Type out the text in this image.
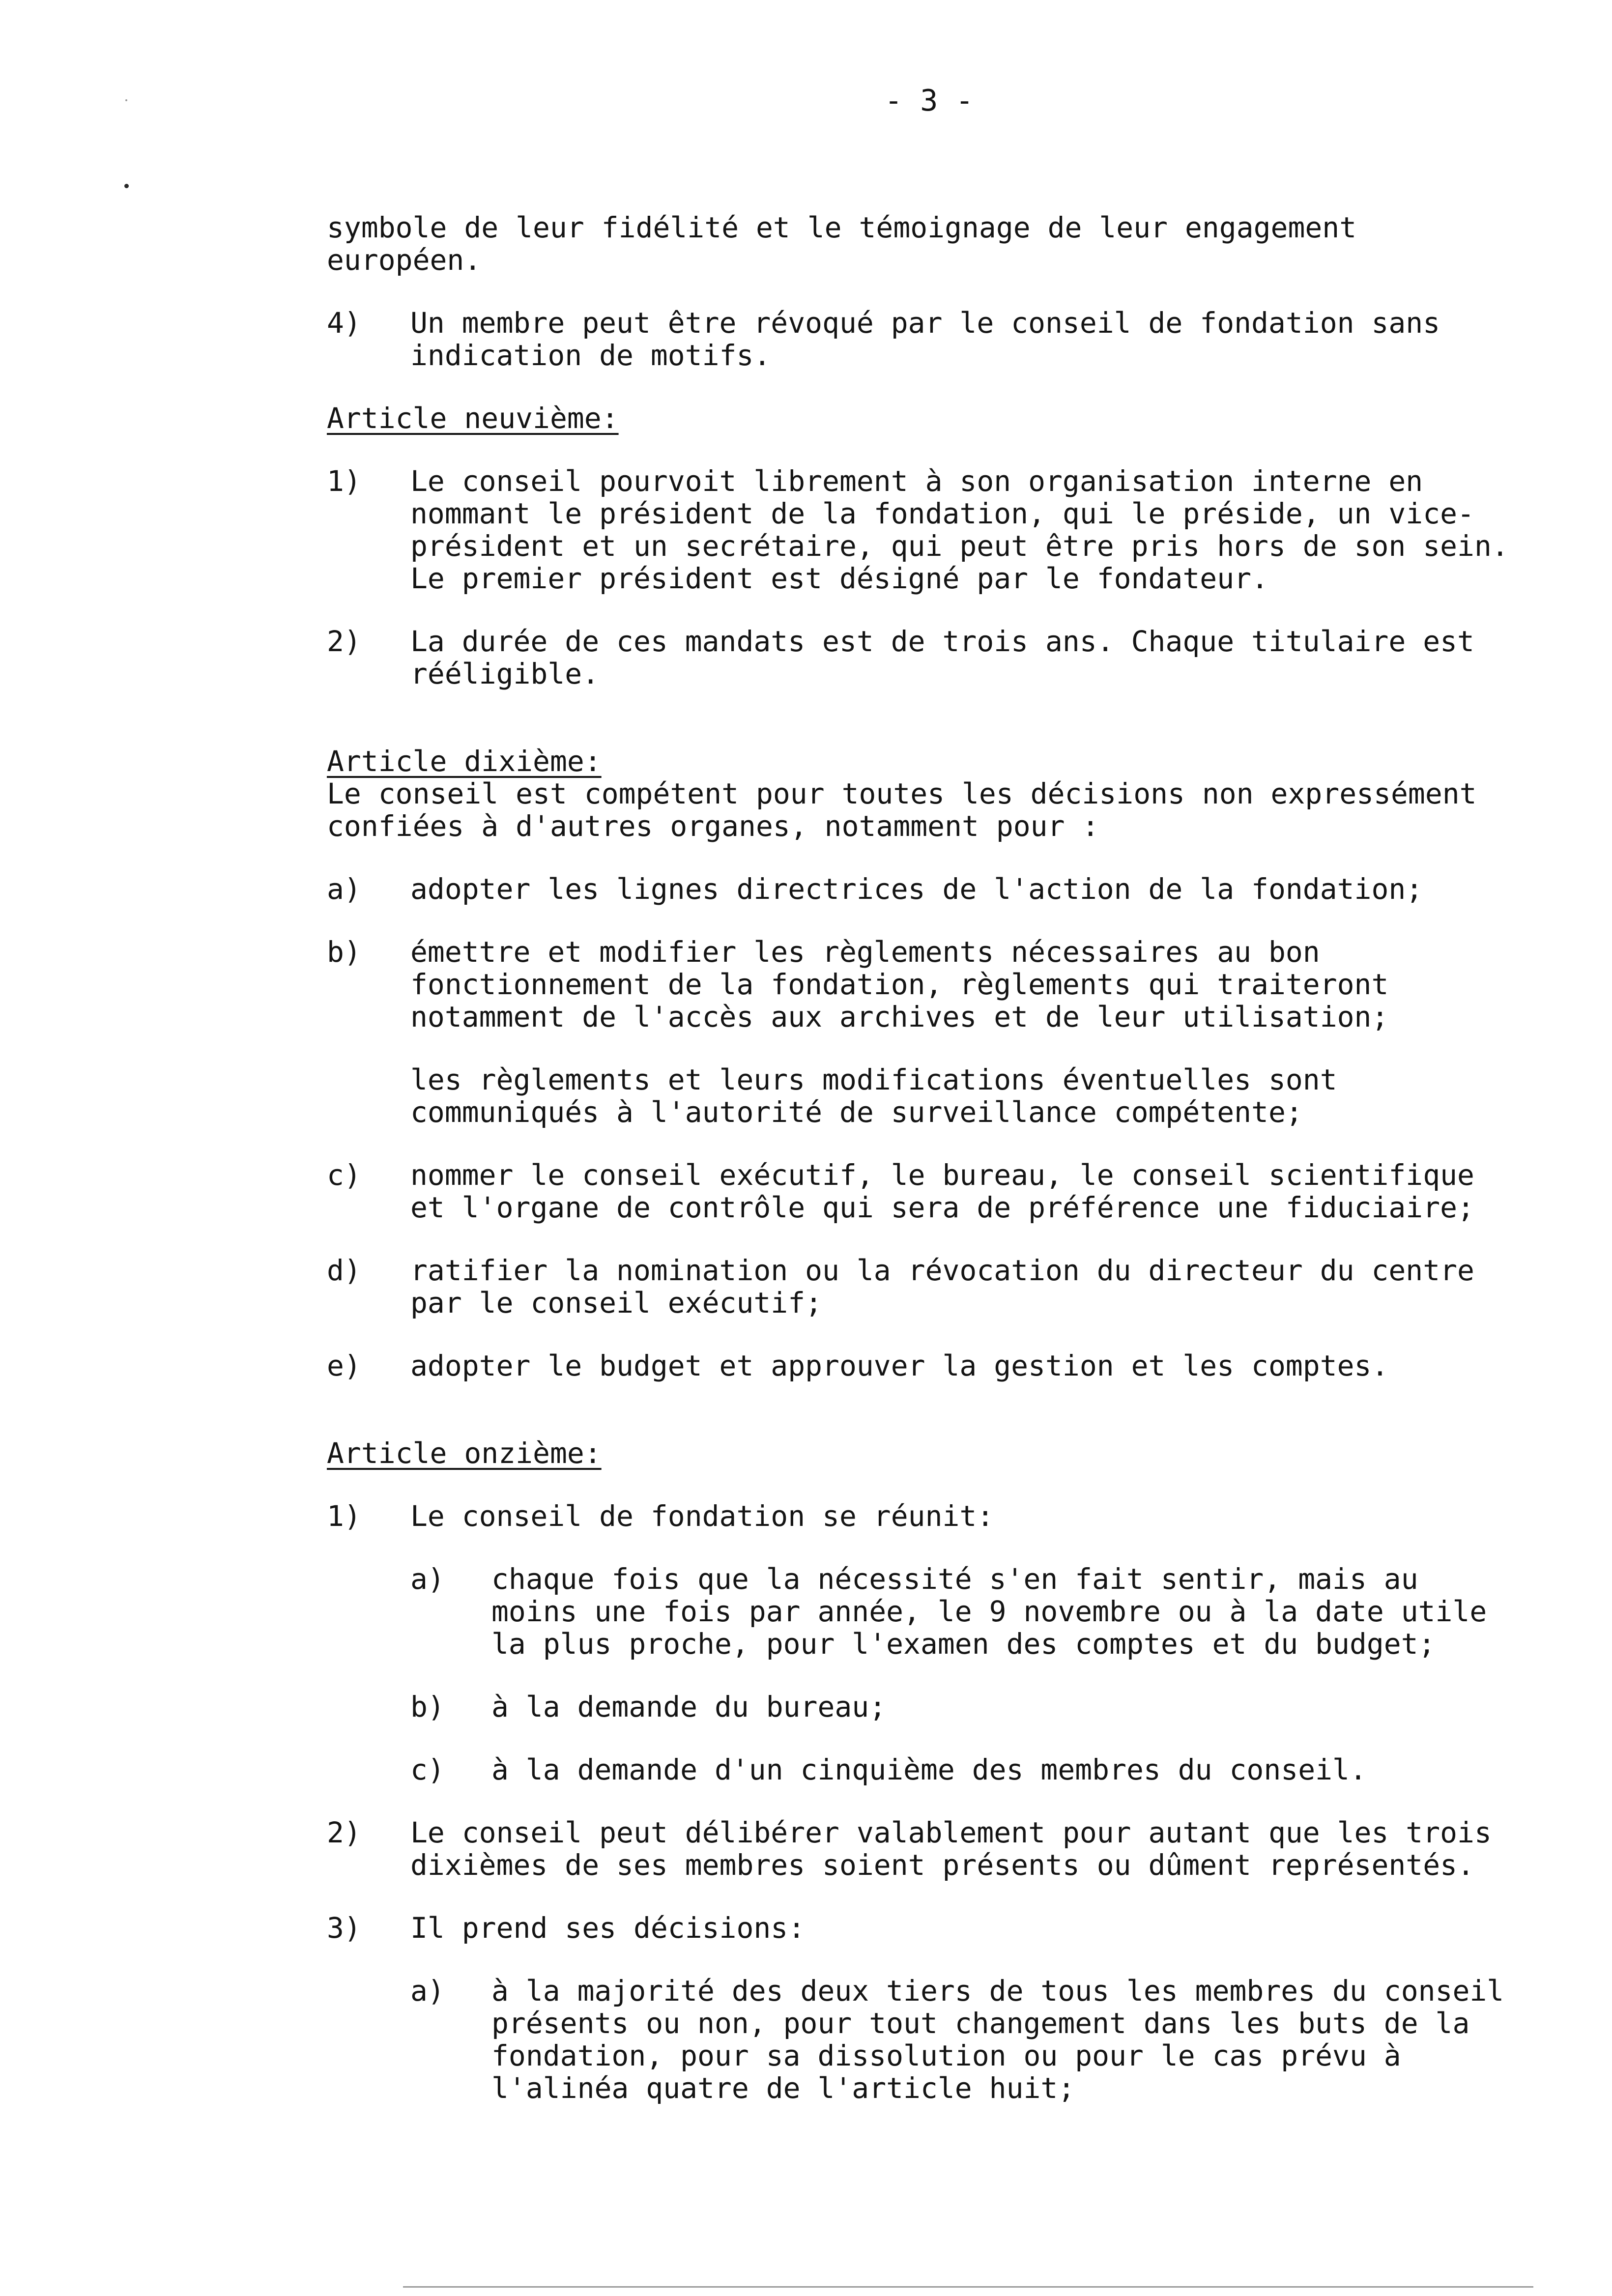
- 3 -

symbole de leur fidélité et le témoignage de leur engagement européen.

4)	Un membre peut être révoqué par le conseil de fondation sans indication de motifs.
Article neuvième:
1)	Le conseil pourvoit librement à son organisation interne en nommant le président de la fondation, qui le préside, un vice-président et un secrétaire, qui peut être pris hors de son sein. Le premier président est désigné par le fondateur.
2)	La durée de ces mandats est de trois ans. Chaque titulaire est rééligible.
Article dixième:

Le conseil est compétent pour toutes les décisions non expressément confiées à d'autres organes, notamment pour :

a)	adopter les lignes directrices de l'action de la fondation;
b)	émettre et modifier les règlements nécessaires au bon fonctionnement de la fondation, règlements qui traiteront notamment de l'accès aux archives et de leur utilisation;
les règlements et leurs modifications éventuelles sont communiqués à l'autorité de surveillance compétente;
c)	nommer le conseil exécutif, le bureau, le conseil scientifique et l'organe de contrôle qui sera de préférence une fiduciaire;
d)	ratifier la nomination ou la révocation du directeur du centre par le conseil exécutif;
e)	adopter le budget et approuver la gestion et les comptes.
Article onzième:
1)	Le conseil de fondation se réunit:
a)	chaque fois que la nécessité s'en fait sentir, mais au moins une fois par année, le 9 novembre ou à la date utile la plus proche, pour l'examen des comptes et du budget;
b)	à la demande du bureau;
c)	à la demande d'un cinquième des membres du conseil.
2)	Le conseil peut délibérer valablement pour autant que les trois dixièmes de ses membres soient présents ou dûment représentés.
3)	Il prend ses décisions:
a)	à la majorité des deux tiers de tous les membres du conseil présents ou non, pour tout changement dans les buts de la fondation, pour sa dissolution ou pour le cas prévu à l'alinéa quatre de l'article huit;
